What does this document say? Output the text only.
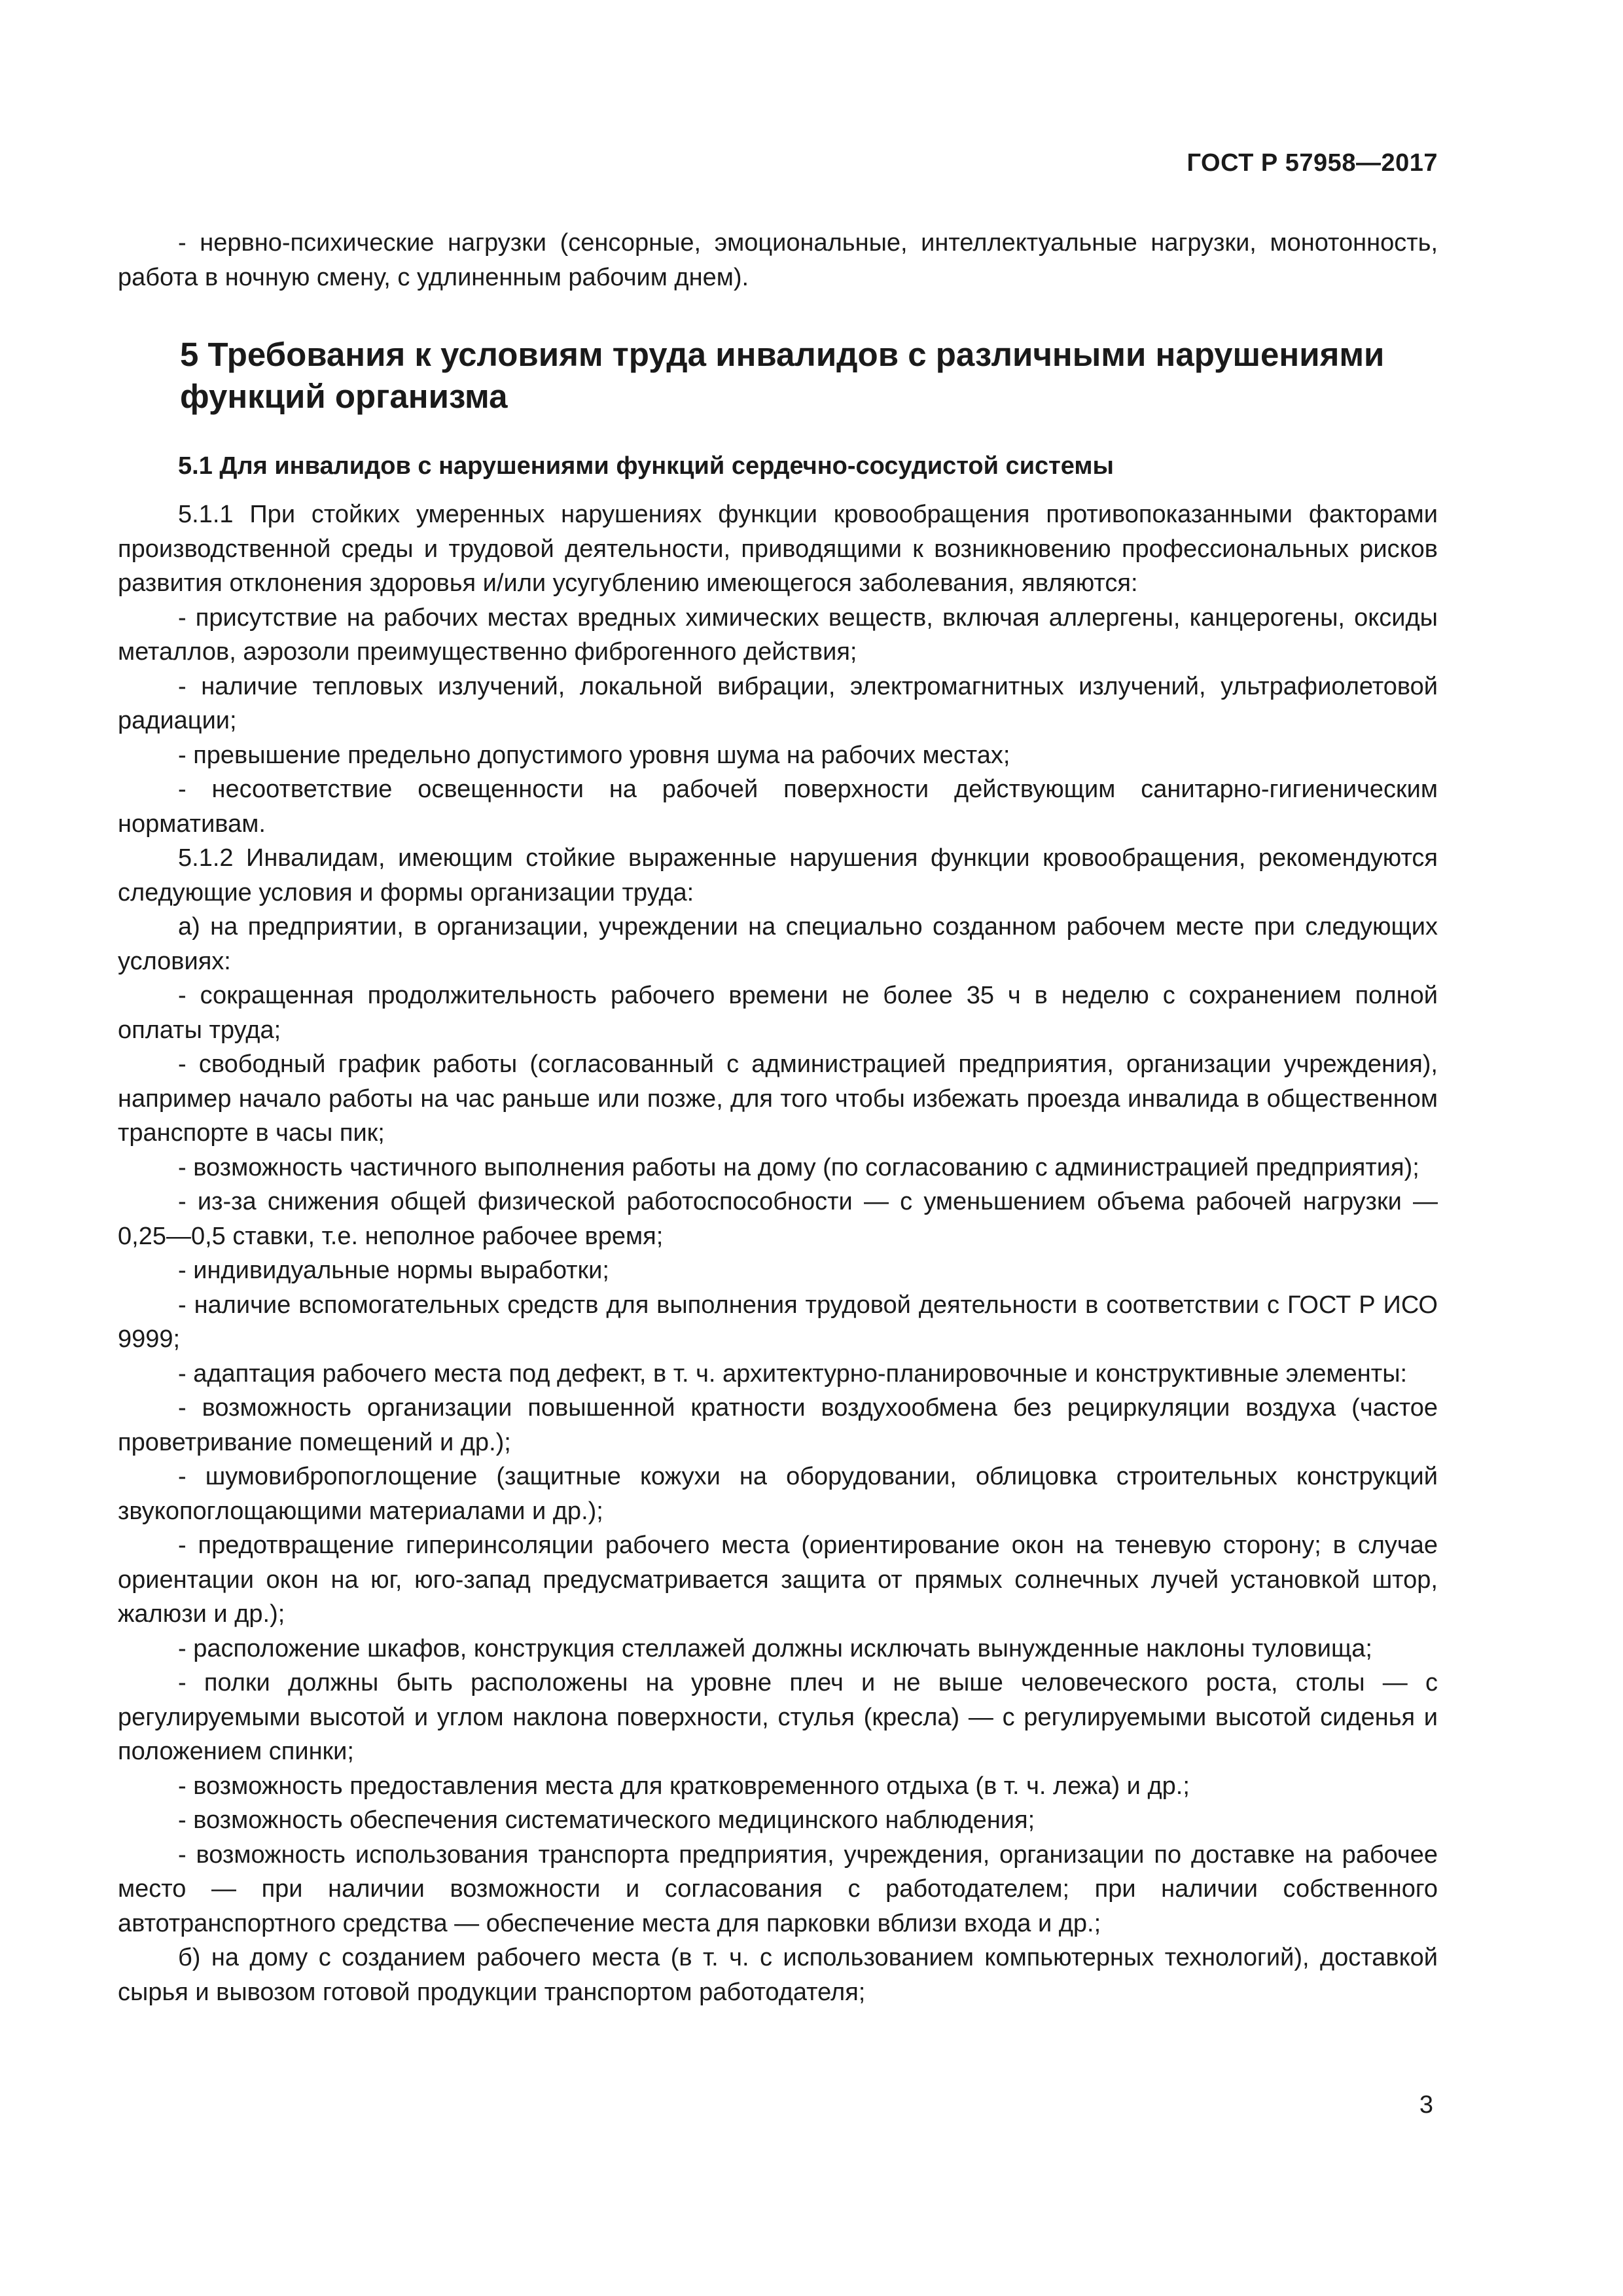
ГОСТ Р 57958—2017

- нервно-психические нагрузки (сенсорные, эмоциональные, интеллектуальные нагрузки, монотонность, работа в ночную смену, с удлиненным рабочим днем).

5 Требования к условиям труда инвалидов с различными нарушениями функций организма
5.1 Для инвалидов с нарушениями функций сердечно-сосудистой системы

5.1.1 При стойких умеренных нарушениях функции кровообращения противопоказанными факторами производственной среды и трудовой деятельности, приводящими к возникновению профессиональных рисков развития отклонения здоровья и/или усугублению имеющегося заболевания, являются:

- присутствие на рабочих местах вредных химических веществ, включая аллергены, канцерогены, оксиды металлов, аэрозоли преимущественно фиброгенного действия;

- наличие тепловых излучений, локальной вибрации, электромагнитных излучений, ультрафиолетовой радиации;

- превышение предельно допустимого уровня шума на рабочих местах;

- несоответствие освещенности на рабочей поверхности действующим санитарно-гигиеническим нормативам.

5.1.2 Инвалидам, имеющим стойкие выраженные нарушения функции кровообращения, рекомендуются следующие условия и формы организации труда:

а) на предприятии, в организации, учреждении на специально созданном рабочем месте при следующих условиях:

- сокращенная продолжительность рабочего времени не более 35 ч в неделю с сохранением полной оплаты труда;

- свободный график работы (согласованный с администрацией предприятия, организации учреждения), например начало работы на час раньше или позже, для того чтобы избежать проезда инвалида в общественном транспорте в часы пик;

- возможность частичного выполнения работы на дому (по согласованию с администрацией предприятия);

- из-за снижения общей физической работоспособности — с уменьшением объема рабочей нагрузки — 0,25—0,5 ставки, т.е. неполное рабочее время;

- индивидуальные нормы выработки;

- наличие вспомогательных средств для выполнения трудовой деятельности в соответствии с ГОСТ Р ИСО 9999;

- адаптация рабочего места под дефект, в т. ч. архитектурно-планировочные и конструктивные элементы:

- возможность организации повышенной кратности воздухообмена без рециркуляции воздуха (частое проветривание помещений и др.);

- шумовибропоглощение (защитные кожухи на оборудовании, облицовка строительных конструкций звукопоглощающими материалами и др.);

- предотвращение гиперинсоляции рабочего места (ориентирование окон на теневую сторону; в случае ориентации окон на юг, юго-запад предусматривается защита от прямых солнечных лучей установкой штор, жалюзи и др.);

- расположение шкафов, конструкция стеллажей должны исключать вынужденные наклоны туловища;

- полки должны быть расположены на уровне плеч и не выше человеческого роста, столы — с регулируемыми высотой и углом наклона поверхности, стулья (кресла) — с регулируемыми высотой сиденья и положением спинки;

- возможность предоставления места для кратковременного отдыха (в т. ч. лежа) и др.;

- возможность обеспечения систематического медицинского наблюдения;

- возможность использования транспорта предприятия, учреждения, организации по доставке на рабочее место — при наличии возможности и согласования с работодателем; при наличии собственного автотранспортного средства — обеспечение места для парковки вблизи входа и др.;

б) на дому с созданием рабочего места (в т. ч. с использованием компьютерных технологий), доставкой сырья и вывозом готовой продукции транспортом работодателя;

3
